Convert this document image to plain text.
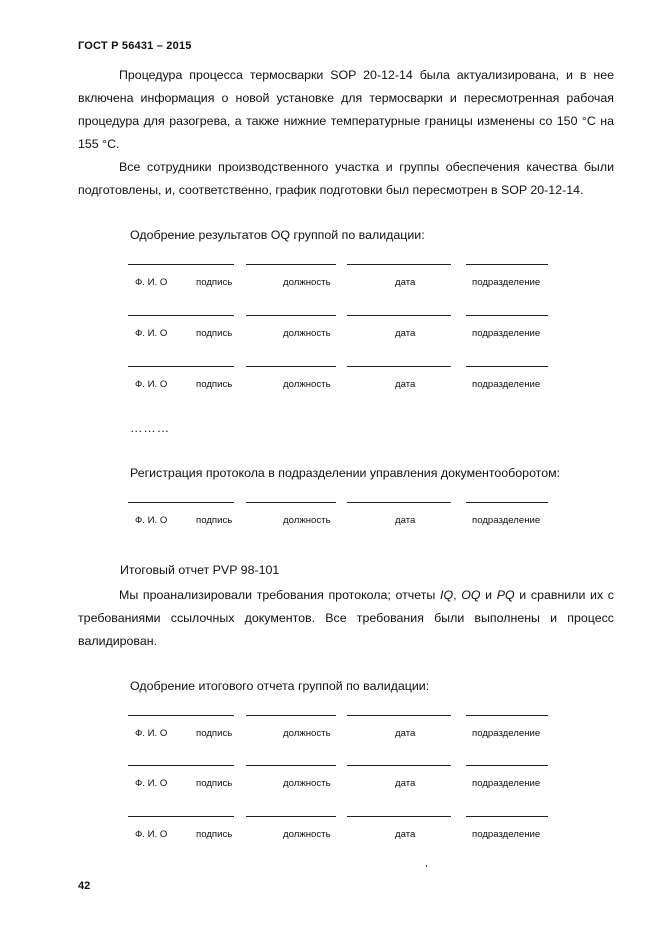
ГОСТ Р 56431 – 2015
Процедура процесса термосварки SOP 20-12-14 была актуализирована, и в нее включена информация о новой установке для термосварки и пересмотренная рабочая процедура для разогрева, а также нижние температурные границы изменены со 150 °С на 155 °С.
Все сотрудники производственного участка и группы обеспечения качества были подготовлены, и, соответственно, график подготовки был пересмотрен в SOP 20-12-14.
Одобрение результатов OQ группой по валидации:
Ф. И. О	подпись	должность	дата	подразделение
Ф. И. О	подпись	должность	дата	подразделение
Ф. И. О	подпись	должность	дата	подразделение
………
Регистрация протокола в подразделении управления документооборотом:
Ф. И. О	подпись	должность	дата	подразделение
Итоговый отчет PVP 98-101
Мы проанализировали требования протокола; отчеты IQ, OQ и PQ и сравнили их с требованиями ссылочных документов. Все требования были выполнены и процесс валидирован.
Одобрение итогового отчета группой по валидации:
Ф. И. О	подпись	должность	дата	подразделение
Ф. И. О	подпись	должность	дата	подразделение
Ф. И. О	подпись	должность	дата	подразделение
,
42
